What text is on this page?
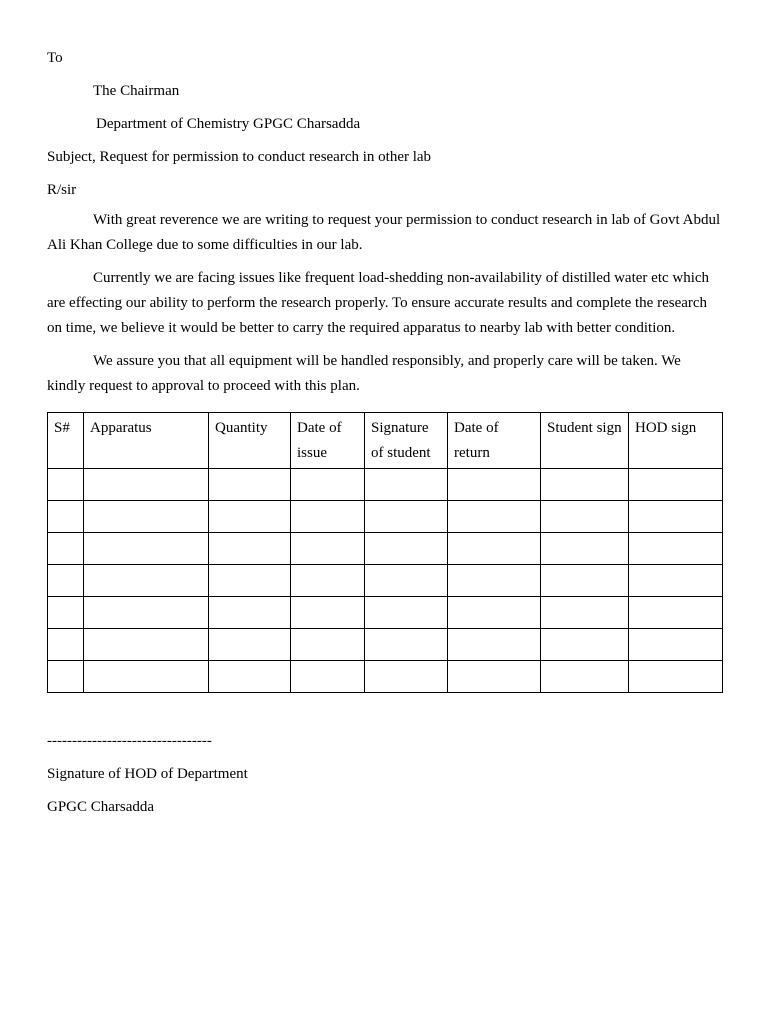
To

The Chairman

Department of Chemistry GPGC Charsadda

Subject, Request for permission to conduct research in other lab

R/sir

With great reverence we are writing to request your permission to conduct research in lab of Govt Abdul Ali Khan College due to some difficulties in our lab.

Currently we are facing issues like frequent load-shedding non-availability of distilled water etc which are effecting our ability to perform the research properly. To ensure accurate results and complete the research on time, we believe it would be better to carry the required apparatus to nearby lab with better condition.

We assure you that all equipment will be handled responsibly, and properly care will be taken. We kindly request to approval to proceed with this plan.

S#	Apparatus	Quantity	Date of issue	Signature of student	Date of return	Student sign	HOD sign

---------------------------------

Signature of HOD of Department

GPGC Charsadda
